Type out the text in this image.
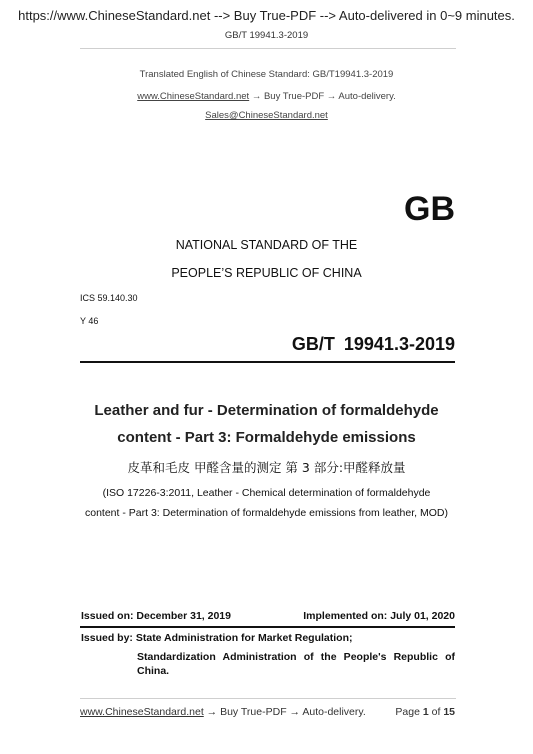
https://www.ChineseStandard.net --> Buy True-PDF --> Auto-delivered in 0~9 minutes.
GB/T 19941.3-2019
Translated English of Chinese Standard: GB/T19941.3-2019
www.ChineseStandard.net → Buy True-PDF → Auto-delivery.
Sales@ChineseStandard.net
GB
NATIONAL STANDARD OF THE
PEOPLE’S REPUBLIC OF CHINA
ICS 59.140.30
Y 46
GB/T 19941.3-2019
Leather and fur - Determination of formaldehyde
content - Part 3: Formaldehyde emissions
皮革和毛皮 甲醛含量的测定 第 3 部分:甲醛释放量
(ISO 17226-3:2011, Leather - Chemical determination of formaldehyde
content - Part 3: Determination of formaldehyde emissions from leather, MOD)
Issued on: December 31, 2019	Implemented on: July 01, 2020
Issued by: State Administration for Market Regulation;
Standardization Administration of the People's Republic of China.
www.ChineseStandard.net → Buy True-PDF → Auto-delivery.	Page 1 of 15
